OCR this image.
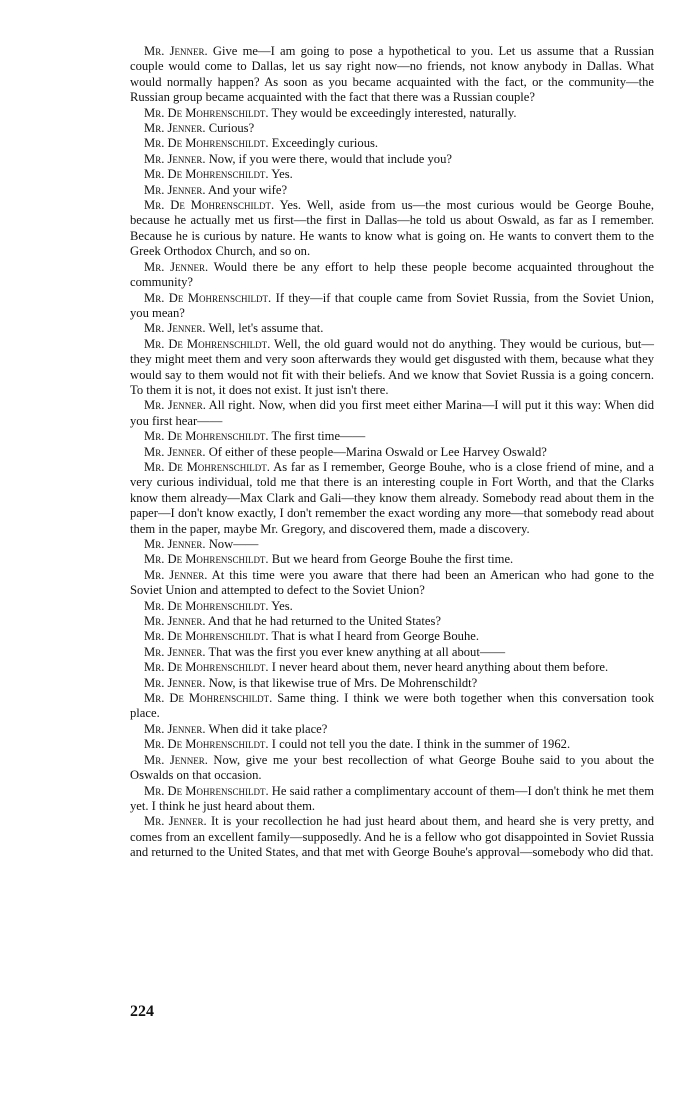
Mr. Jenner. Give me—I am going to pose a hypothetical to you. Let us assume that a Russian couple would come to Dallas, let us say right now—no friends, not know anybody in Dallas. What would normally happen? As soon as you became acquainted with the fact, or the community—the Russian group became acquainted with the fact that there was a Russian couple?

Mr. De Mohrenschildt. They would be exceedingly interested, naturally.

Mr. Jenner. Curious?

Mr. De Mohrenschildt. Exceedingly curious.

Mr. Jenner. Now, if you were there, would that include you?

Mr. De Mohrenschildt. Yes.

Mr. Jenner. And your wife?

Mr. De Mohrenschildt. Yes. Well, aside from us—the most curious would be George Bouhe, because he actually met us first—the first in Dallas—he told us about Oswald, as far as I remember. Because he is curious by nature. He wants to know what is going on. He wants to convert them to the Greek Orthodox Church, and so on.

Mr. Jenner. Would there be any effort to help these people become acquainted throughout the community?

Mr. De Mohrenschildt. If they—if that couple came from Soviet Russia, from the Soviet Union, you mean?

Mr. Jenner. Well, let's assume that.

Mr. De Mohrenschildt. Well, the old guard would not do anything. They would be curious, but—they might meet them and very soon afterwards they would get disgusted with them, because what they would say to them would not fit with their beliefs. And we know that Soviet Russia is a going concern. To them it is not, it does not exist. It just isn't there.

Mr. Jenner. All right. Now, when did you first meet either Marina—I will put it this way: When did you first hear——

Mr. De Mohrenschildt. The first time——

Mr. Jenner. Of either of these people—Marina Oswald or Lee Harvey Oswald?

Mr. De Mohrenschildt. As far as I remember, George Bouhe, who is a close friend of mine, and a very curious individual, told me that there is an interesting couple in Fort Worth, and that the Clarks know them already—Max Clark and Gali—they know them already. Somebody read about them in the paper—I don't know exactly, I don't remember the exact wording any more—that somebody read about them in the paper, maybe Mr. Gregory, and discovered them, made a discovery.

Mr. Jenner. Now——

Mr. De Mohrenschildt. But we heard from George Bouhe the first time.

Mr. Jenner. At this time were you aware that there had been an American who had gone to the Soviet Union and attempted to defect to the Soviet Union?

Mr. De Mohrenschildt. Yes.

Mr. Jenner. And that he had returned to the United States?

Mr. De Mohrenschildt. That is what I heard from George Bouhe.

Mr. Jenner. That was the first you ever knew anything at all about——

Mr. De Mohrenschildt. I never heard about them, never heard anything about them before.

Mr. Jenner. Now, is that likewise true of Mrs. De Mohrenschildt?

Mr. De Mohrenschildt. Same thing. I think we were both together when this conversation took place.

Mr. Jenner. When did it take place?

Mr. De Mohrenschildt. I could not tell you the date. I think in the summer of 1962.

Mr. Jenner. Now, give me your best recollection of what George Bouhe said to you about the Oswalds on that occasion.

Mr. De Mohrenschildt. He said rather a complimentary account of them—I don't think he met them yet. I think he just heard about them.

Mr. Jenner. It is your recollection he had just heard about them, and heard she is very pretty, and comes from an excellent family—supposedly. And he is a fellow who got disappointed in Soviet Russia and returned to the United States, and that met with George Bouhe's approval—somebody who did that.

224
